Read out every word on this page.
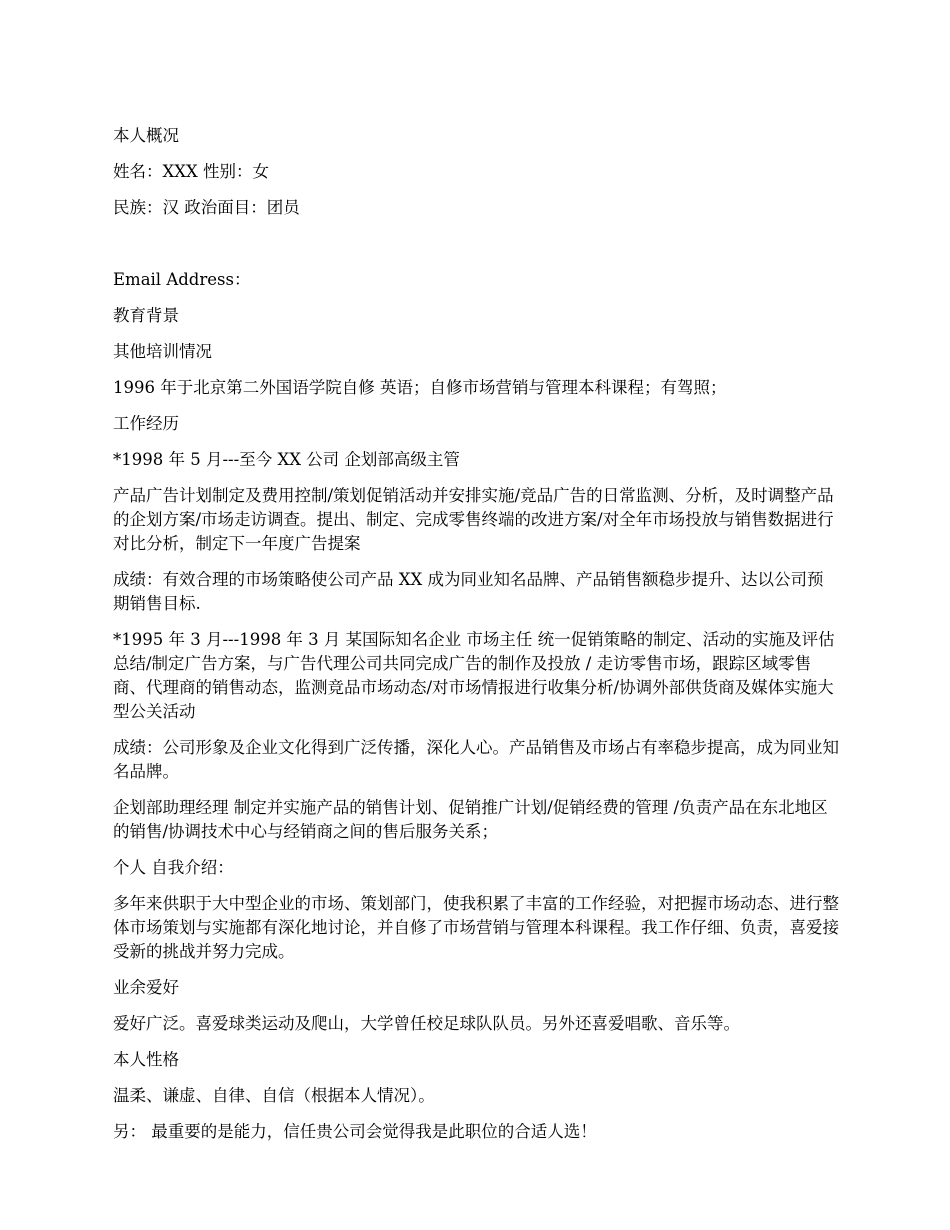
本人概况

姓名：XXX 性别：女

民族：汉 政治面目：团员

Email Address：

教育背景

其他培训情况

1996 年于北京第二外国语学院自修 英语；自修市场营销与管理本科课程；有驾照；

工作经历

*1998 年 5 月---至今 XX 公司 企划部高级主管

产品广告计划制定及费用控制/策划促销活动并安排实施/竞品广告的日常监测、分析，及时调整产品的企划方案/市场走访调查。提出、制定、完成零售终端的改进方案/对全年市场投放与销售数据进行对比分析，制定下一年度广告提案

成绩：有效合理的市场策略使公司产品 XX 成为同业知名品牌、产品销售额稳步提升、达以公司预期销售目标.

*1995 年 3 月---1998 年 3 月 某国际知名企业 市场主任 统一促销策略的制定、活动的实施及评估总结/制定广告方案，与广告代理公司共同完成广告的制作及投放 / 走访零售市场，跟踪区域零售商、代理商的销售动态，监测竞品市场动态/对市场情报进行收集分析/协调外部供货商及媒体实施大型公关活动

成绩：公司形象及企业文化得到广泛传播，深化人心。产品销售及市场占有率稳步提高，成为同业知名品牌。

企划部助理经理 制定并实施产品的销售计划、促销推广计划/促销经费的管理 /负责产品在东北地区的销售/协调技术中心与经销商之间的售后服务关系；

个人 自我介绍：

多年来供职于大中型企业的市场、策划部门，使我积累了丰富的工作经验，对把握市场动态、进行整体市场策划与实施都有深化地讨论，并自修了市场营销与管理本科课程。我工作仔细、负责，喜爱接受新的挑战并努力完成。

业余爱好

爱好广泛。喜爱球类运动及爬山，大学曾任校足球队队员。另外还喜爱唱歌、音乐等。

本人性格

温柔、谦虚、自律、自信（根据本人情况）。

另： 最重要的是能力，信任贵公司会觉得我是此职位的合适人选！
